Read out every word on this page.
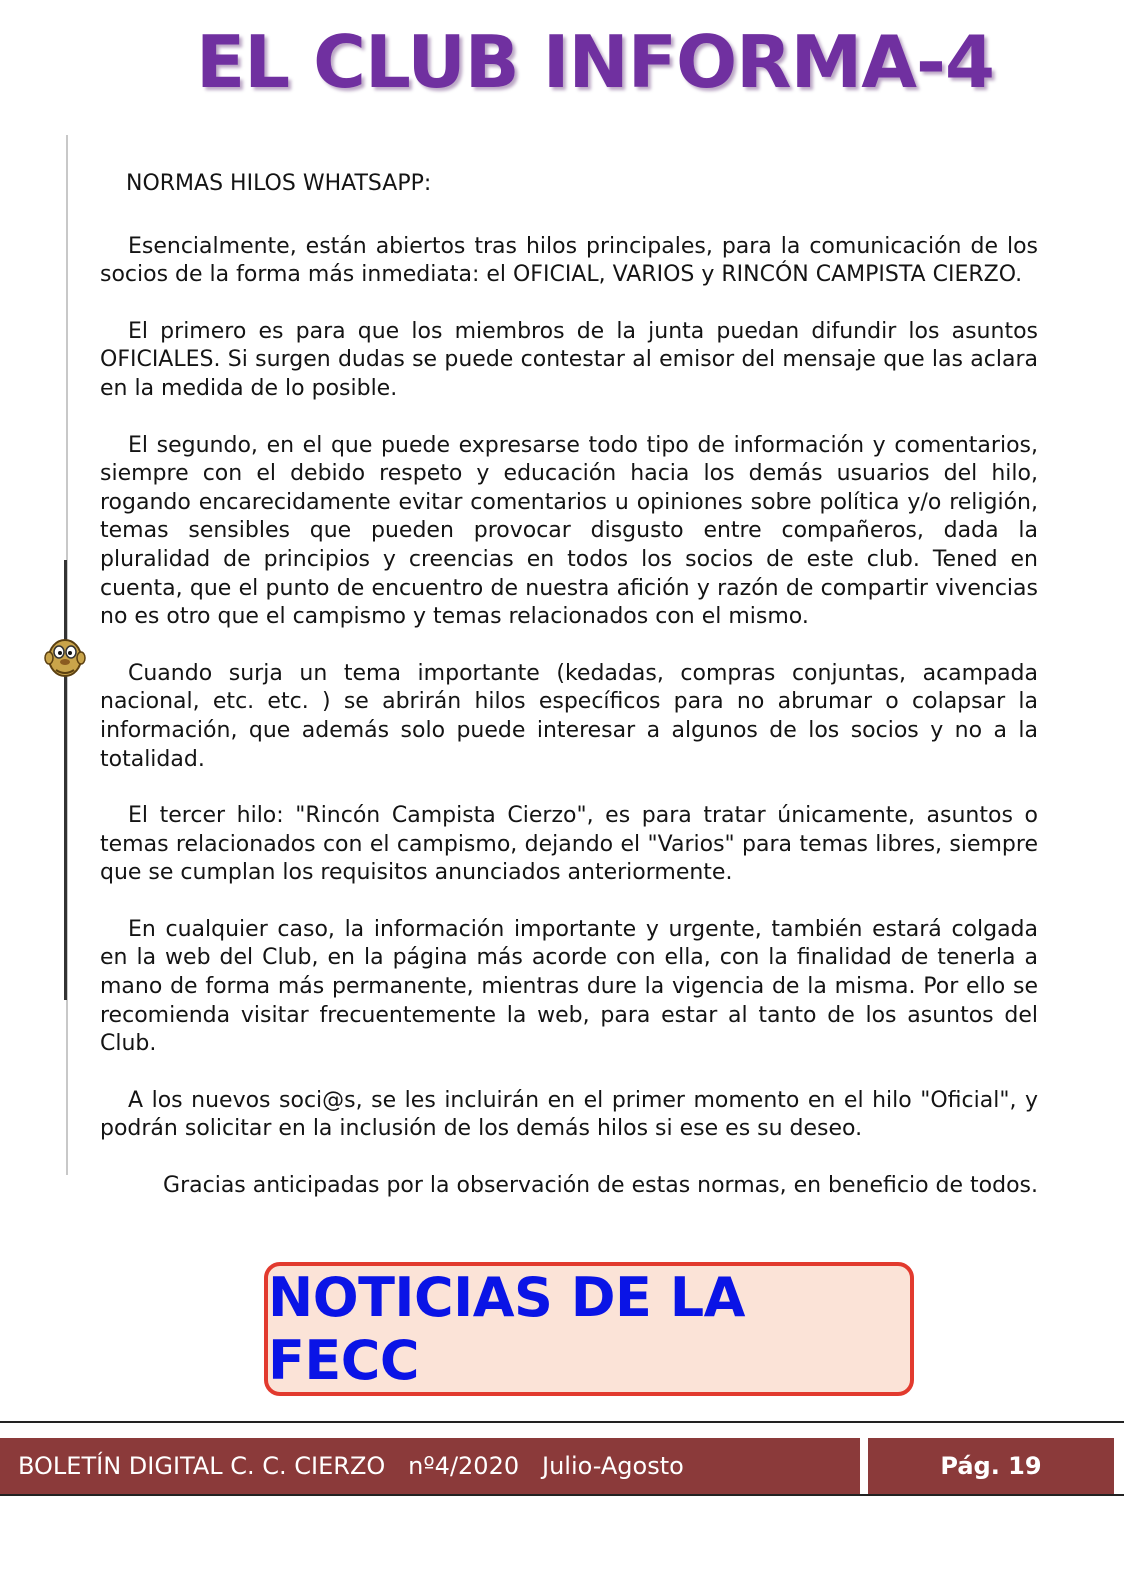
EL CLUB INFORMA-4

NORMAS HILOS WHATSAPP:

Esencialmente, están abiertos tras hilos principales, para la comunicación de los socios de la forma más inmediata: el OFICIAL, VARIOS y RINCÓN CAMPISTA CIERZO.

El primero es para que los miembros de la junta puedan difundir los asuntos OFICIALES. Si surgen dudas se puede contestar al emisor del mensaje que las aclara en la medida de lo posible.

El segundo, en el que puede expresarse todo tipo de información y comentarios, siempre con el debido respeto y educación hacia los demás usuarios del hilo, rogando encarecidamente evitar comentarios u opiniones sobre política y/o religión, temas sensibles que pueden provocar disgusto entre compañeros, dada la pluralidad de principios y creencias en todos los socios de este club. Tened en cuenta, que el punto de encuentro de nuestra afición y razón de compartir vivencias no es otro que el campismo y temas relacionados con el mismo.

Cuando surja un tema importante (kedadas, compras conjuntas, acampada nacional, etc. etc. ) se abrirán hilos específicos para no abrumar o colapsar la información, que además solo puede interesar a algunos de los socios y no a la totalidad.

El tercer hilo: "Rincón Campista Cierzo", es para tratar únicamente, asuntos o temas relacionados con el campismo, dejando el "Varios" para temas libres, siempre que se cumplan los requisitos anunciados anteriormente.

En cualquier caso, la información importante y urgente, también estará colgada en la web del Club, en la página más acorde con ella, con la finalidad de tenerla a mano de forma más permanente, mientras dure la vigencia de la misma. Por ello se recomienda visitar frecuentemente la web, para estar al tanto de los asuntos del Club.

A los nuevos soci@s, se les incluirán en el primer momento en el hilo "Oficial", y podrán solicitar en la inclusión de los demás hilos si ese es su deseo.

Gracias anticipadas por la observación de estas normas, en beneficio de todos.

NOTICIAS DE LA FECC
BOLETÍN DIGITAL C. C. CIERZO   nº4/2020   Julio-Agosto	Pág. 19
